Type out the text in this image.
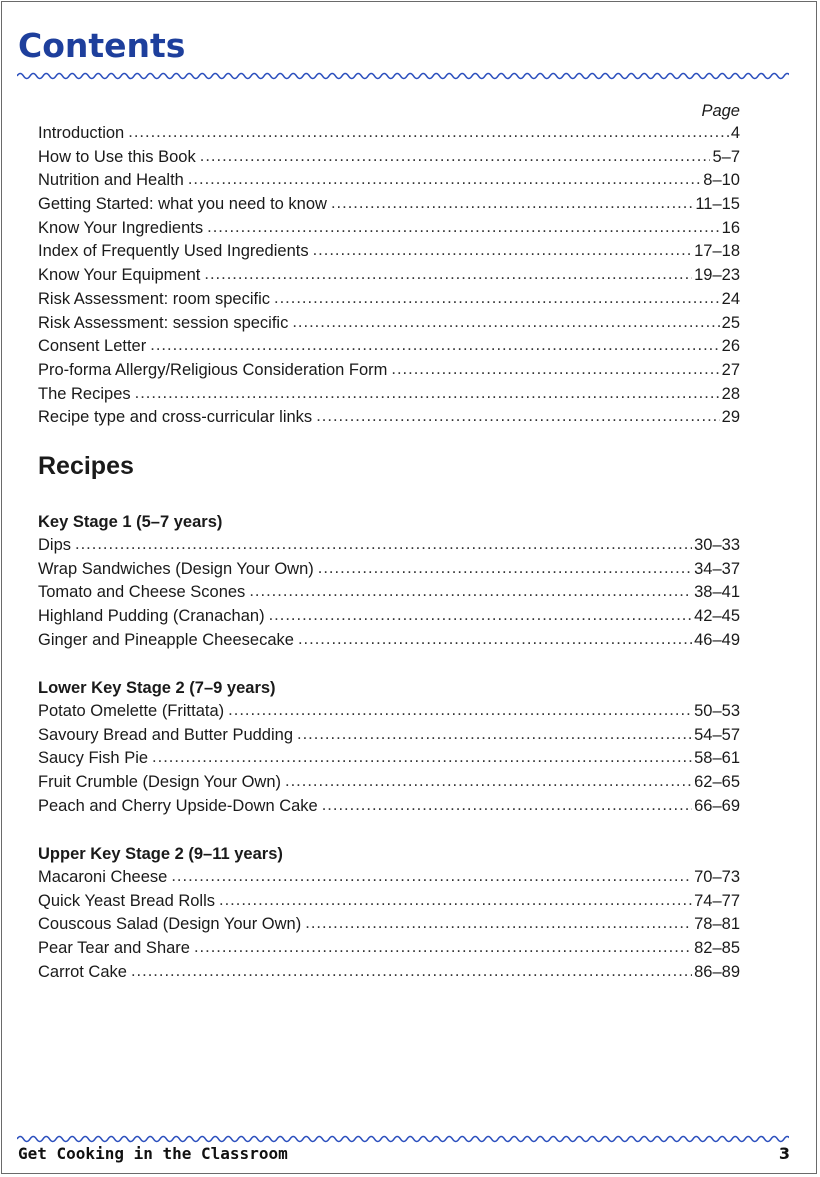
Contents
Page
Introduction .....	4
How to Use this Book .....	5–7
Nutrition and Health .....	8–10
Getting Started: what you need to know .....	11–15
Know Your Ingredients .....	16
Index of Frequently Used Ingredients .....	17–18
Know Your Equipment .....	19–23
Risk Assessment: room specific .....	24
Risk Assessment: session specific .....	25
Consent Letter .....	26
Pro-forma Allergy/Religious Consideration Form .....	27
The Recipes .....	28
Recipe type and cross-curricular links .....	29
Recipes
Key Stage 1 (5–7 years)
Dips .....	30–33
Wrap Sandwiches (Design Your Own) .....	34–37
Tomato and Cheese Scones .....	38–41
Highland Pudding (Cranachan) .....	42–45
Ginger and Pineapple Cheesecake .....	46–49
Lower Key Stage 2 (7–9 years)
Potato Omelette (Frittata) .....	50–53
Savoury Bread and Butter Pudding .....	54–57
Saucy Fish Pie .....	58–61
Fruit Crumble (Design Your Own) .....	62–65
Peach and Cherry Upside-Down Cake .....	66–69
Upper Key Stage 2 (9–11 years)
Macaroni Cheese .....	70–73
Quick Yeast Bread Rolls .....	74–77
Couscous Salad (Design Your Own) .....	78–81
Pear Tear and Share .....	82–85
Carrot Cake .....	86–89
Get Cooking in the Classroom	3
